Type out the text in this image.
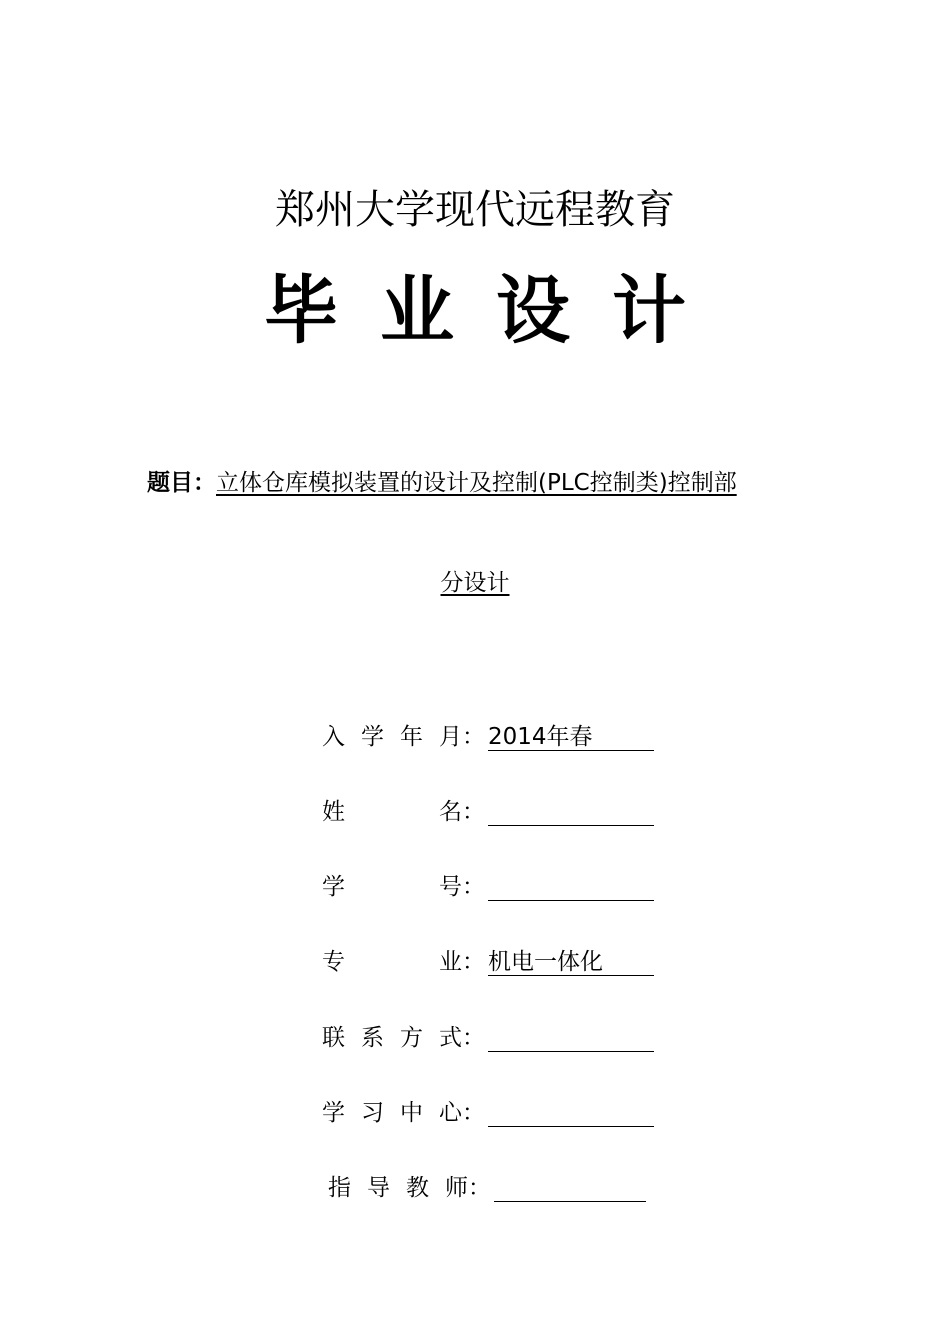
郑州大学现代远程教育
毕业设计
题目：立体仓库模拟装置的设计及控制(PLC控制类)控制部
分设计
入学年月： 2014年春
姓名：
学号：
专业： 机电一体化
联系方式：
学习中心：
指导教师：
